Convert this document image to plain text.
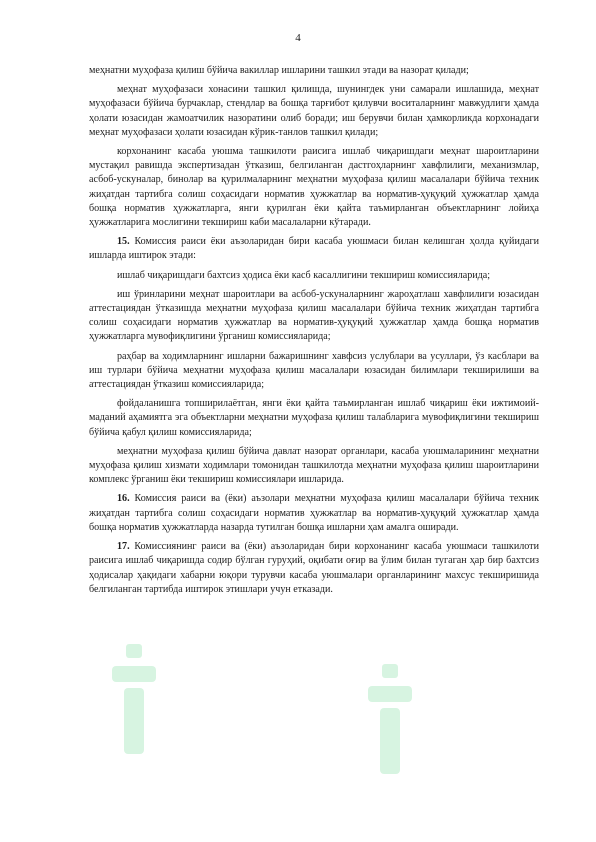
4

меҳнатни муҳофаза қилиш бўйича вакиллар ишларини ташкил этади ва назорат қилади;

меҳнат муҳофазаси хонасини ташкил қилишда, шунингдек уни самарали ишлашида, меҳнат муҳофазаси бўйича бурчаклар, стендлар ва бошқа тарғибот қилувчи воситаларнинг мавжудлиги ҳамда ҳолати юзасидан жамоатчилик назоратини олиб боради; иш берувчи билан ҳамкорликда корхонадаги меҳнат муҳофазаси ҳолати юзасидан кўрик-танлов ташкил қилади;

корхонанинг касаба уюшма ташкилоти раисига ишлаб чиқаришдаги меҳнат шароитларини мустақил равишда экспертизадан ўтказиш, белгиланган дастгоҳларнинг хавфлилиги, механизмлар, асбоб-ускуналар, бинолар ва қурилмаларнинг меҳнатни муҳофаза қилиш масалалари бўйича техник жиҳатдан тартибга солиш соҳасидаги норматив ҳужжатлар ва норматив-ҳуқуқий ҳужжатлар ҳамда бошқа норматив ҳужжатларга, янги қурилган ёки қайта таъмирланган объектларнинг лойиҳа ҳужжатларига мослигини текшириш каби масалаларни кўтаради.

15. Комиссия раиси ёки аъзоларидан бири касаба уюшмаси билан келишган ҳолда қуйидаги ишларда иштирок этади:

ишлаб чиқаришдаги бахтсиз ҳодиса ёки касб касаллигини текшириш комиссияларида;

иш ўринларини меҳнат шароитлари ва асбоб-ускуналарнинг жароҳатлаш хавфлилиги юзасидан аттестациядан ўтказишда меҳнатни муҳофаза қилиш масалалари бўйича техник жиҳатдан тартибга солиш соҳасидаги норматив ҳужжатлар ва норматив-ҳуқуқий ҳужжатлар ҳамда бошқа норматив ҳужжатларга мувофиқлигини ўрганиш комиссияларида;

раҳбар ва ходимларнинг ишларни бажаришнинг хавфсиз услублари ва усуллари, ўз касблари ва иш турлари бўйича меҳнатни муҳофаза қилиш масалалари юзасидан билимлари текширилиши ва аттестациядан ўтказиш комиссияларида;

фойдаланишга топширилаётган, янги ёки қайта таъмирланган ишлаб чиқариш ёки ижтимоий-маданий аҳамиятга эга объектларни меҳнатни муҳофаза қилиш талабларига мувофиқлигини текшириш бўйича қабул қилиш комиссияларида;

меҳнатни муҳофаза қилиш бўйича давлат назорат органлари, касаба уюшмаларининг меҳнатни муҳофаза қилиш хизмати ходимлари томонидан ташкилотда меҳнатни муҳофаза қилиш шароитларини комплекс ўрганиш ёки текшириш комиссиялари ишларида.

16. Комиссия раиси ва (ёки) аъзолари меҳнатни муҳофаза қилиш масалалари бўйича техник жиҳатдан тартибга солиш соҳасидаги норматив ҳужжатлар ва норматив-ҳуқуқий ҳужжатлар ҳамда бошқа норматив ҳужжатларда назарда тутилган бошқа ишларни ҳам амалга оширади.

17. Комиссиянинг раиси ва (ёки) аъзоларидан бири корхонанинг касаба уюшмаси ташкилоти раисига ишлаб чиқаришда содир бўлган гуруҳий, оқибати оғир ва ўлим билан тугаган ҳар бир бахтсиз ҳодисалар ҳақидаги хабарни юқори турувчи касаба уюшмалари органларининг махсус текширишида белгиланган тартибда иштирок этишлари учун етказади.
